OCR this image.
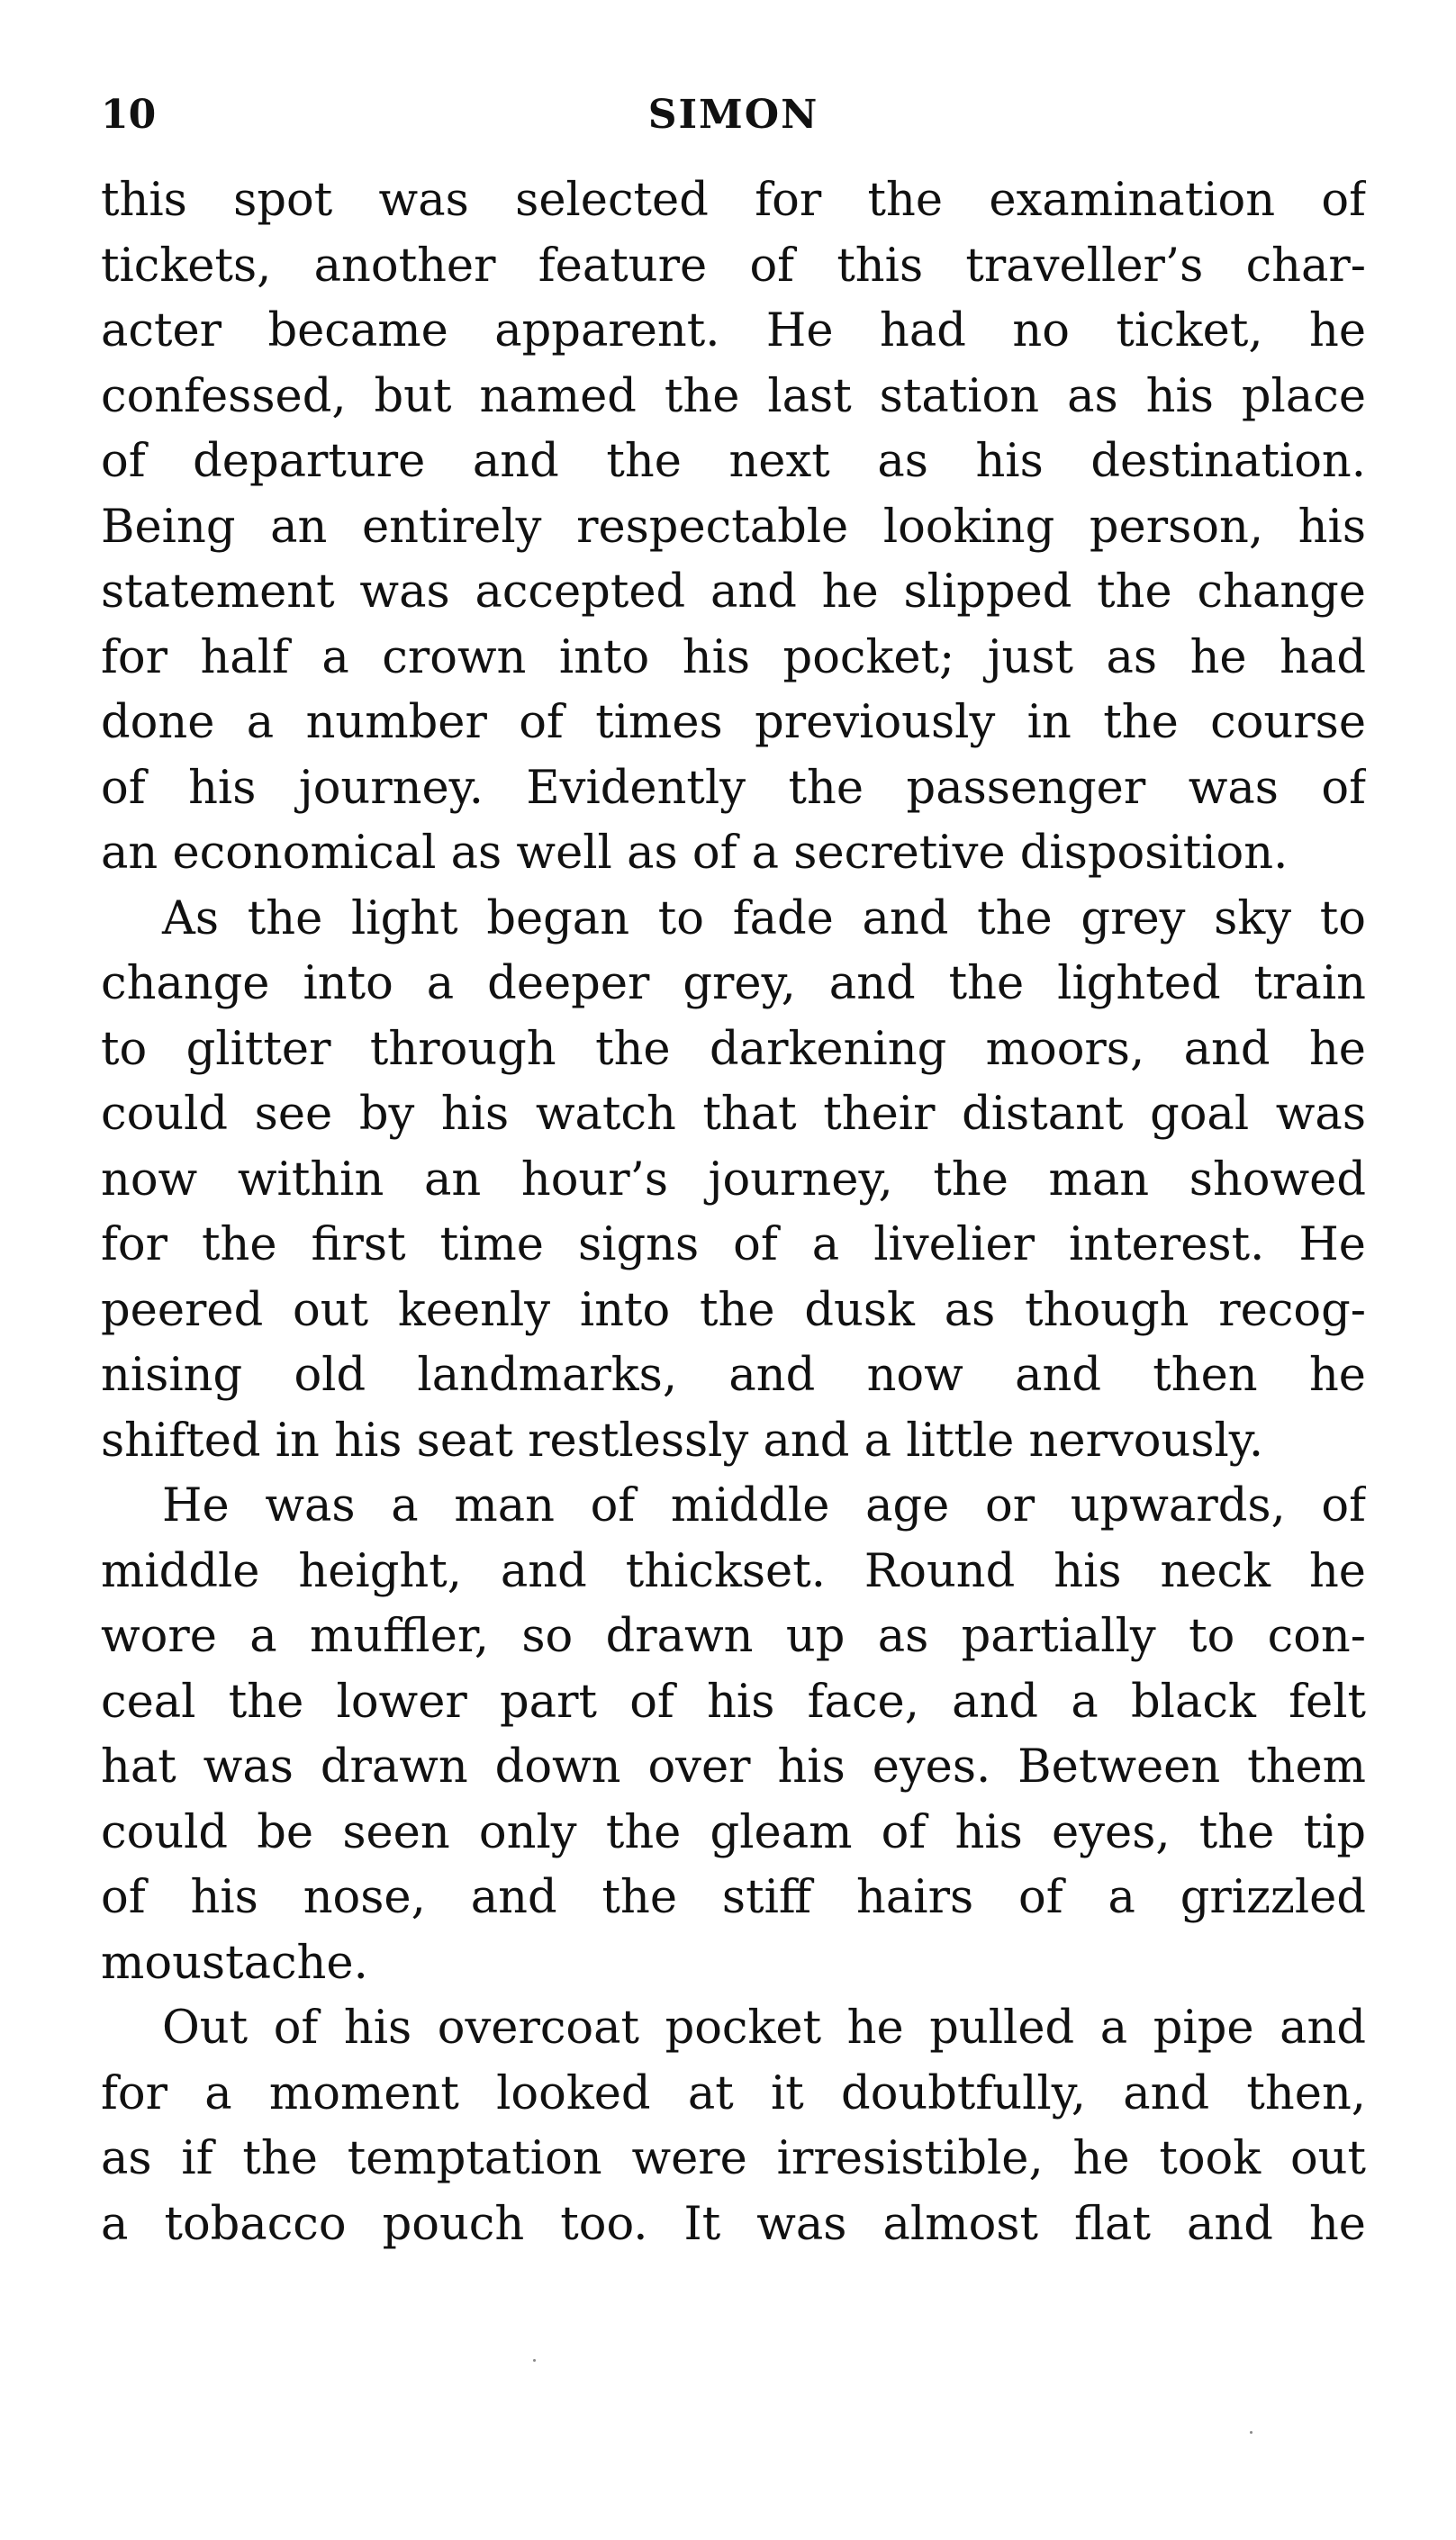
10	SIMON
this spot was selected for the examination of
tickets, another feature of this traveller’s char-
acter became apparent. He had no ticket, he
confessed, but named the last station as his place
of departure and the next as his destination.
Being an entirely respectable looking person, his
statement was accepted and he slipped the change
for half a crown into his pocket; just as he had
done a number of times previously in the course
of his journey. Evidently the passenger was of
an economical as well as of a secretive disposition.
As the light began to fade and the grey sky to
change into a deeper grey, and the lighted train
to glitter through the darkening moors, and he
could see by his watch that their distant goal was
now within an hour’s journey, the man showed
for the first time signs of a livelier interest. He
peered out keenly into the dusk as though recog-
nising old landmarks, and now and then he
shifted in his seat restlessly and a little nervously.
He was a man of middle age or upwards, of
middle height, and thickset. Round his neck he
wore a muffler, so drawn up as partially to con-
ceal the lower part of his face, and a black felt
hat was drawn down over his eyes. Between them
could be seen only the gleam of his eyes, the tip
of his nose, and the stiff hairs of a grizzled
moustache.
Out of his overcoat pocket he pulled a pipe and
for a moment looked at it doubtfully, and then,
as if the temptation were irresistible, he took out
a tobacco pouch too. It was almost flat and he
